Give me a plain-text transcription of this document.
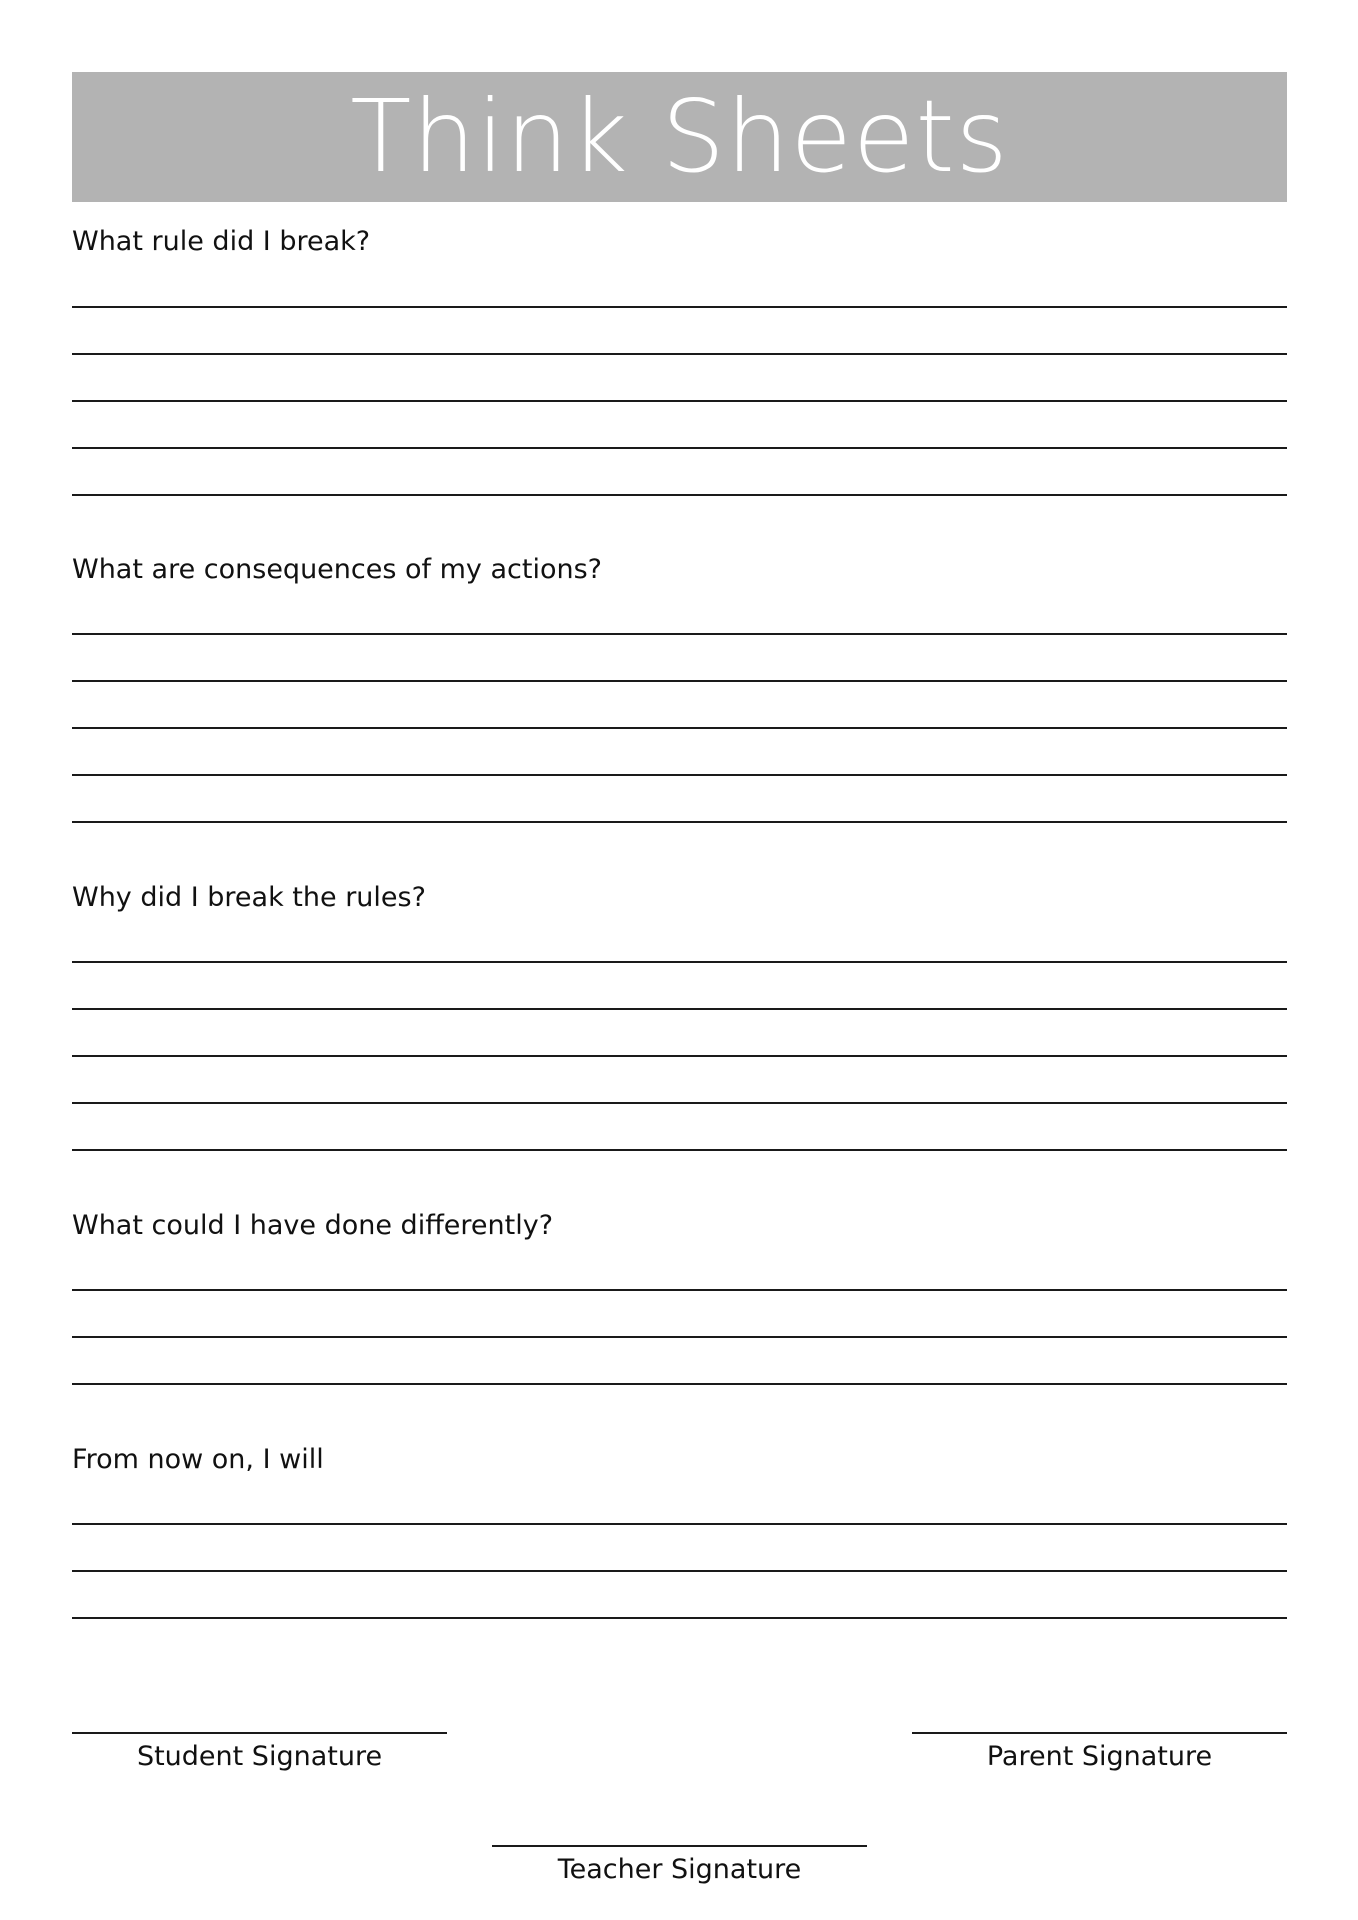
Think Sheets
What rule did I break?
What are consequences of my actions?
Why did I break the rules?
What could I have done differently?
From now on, I will
Student Signature	Parent Signature
Teacher Signature
